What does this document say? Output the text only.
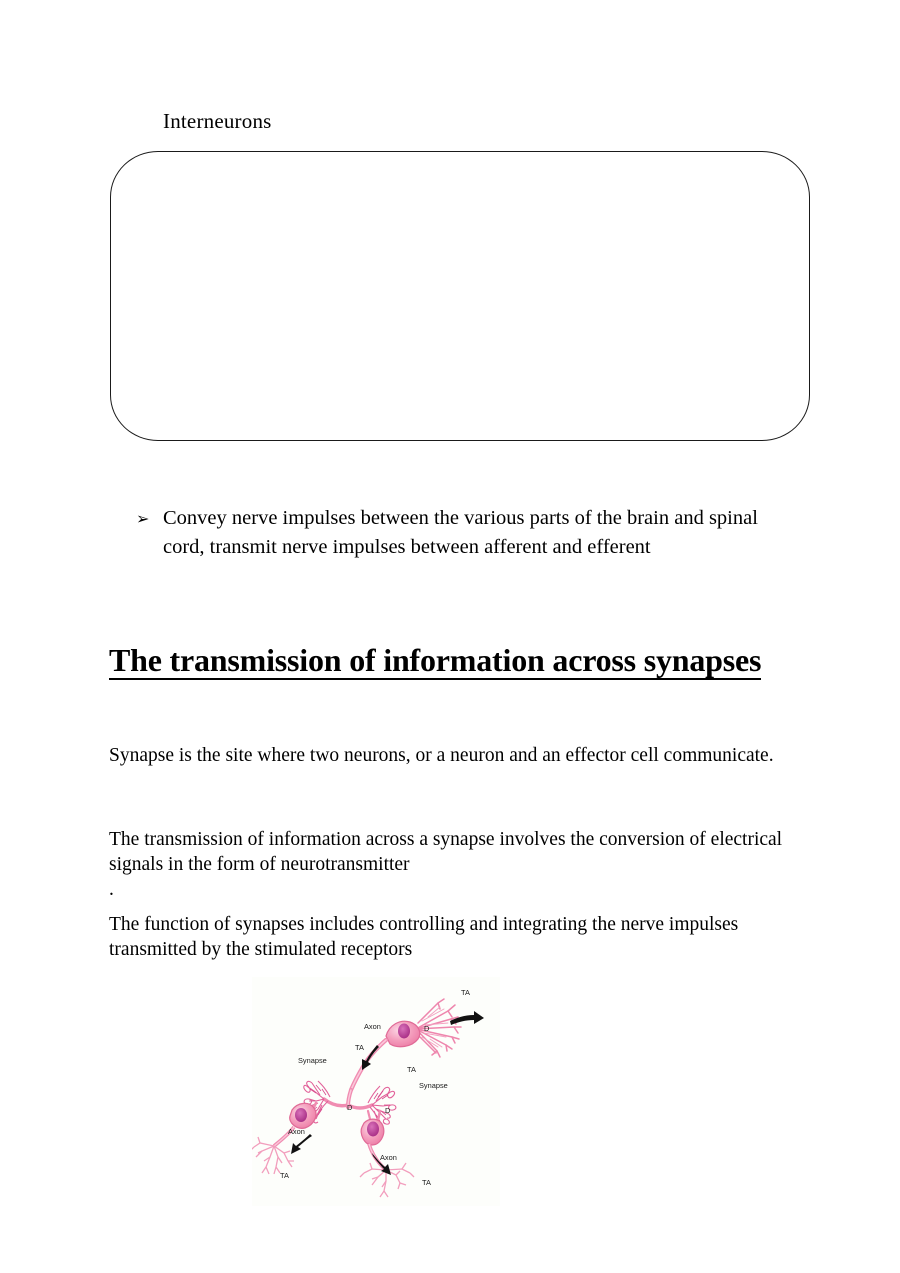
Interneurons
➢ Convey nerve impulses between the various parts of the brain and spinal cord, transmit nerve impulses between afferent and efferent
The transmission of information across synapses
Synapse is the site where two neurons, or a neuron and an effector cell communicate.
The transmission of information across a synapse involves the conversion of electrical signals in the form of neurotransmitter
.
The function of synapses includes controlling and integrating the nerve impulses transmitted by the stimulated receptors
TA
Axon	D
TA
Synapse
TA
Synapse
D	D
Axon
TA
Axon
TA
